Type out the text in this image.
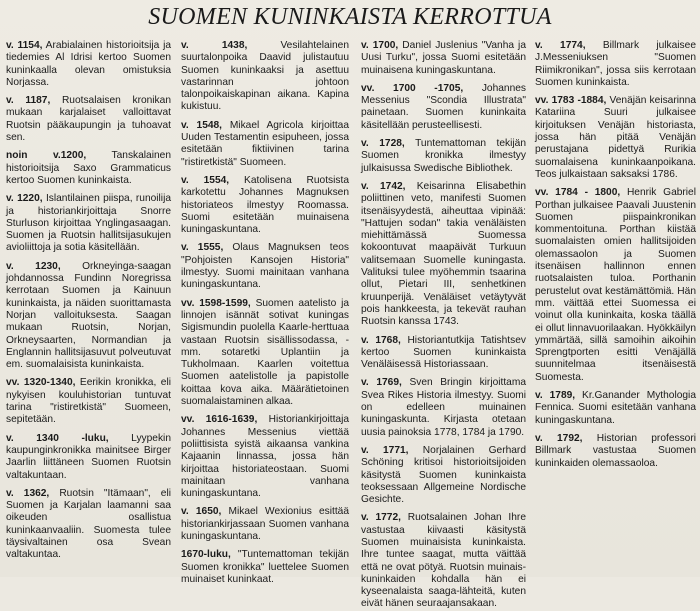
SUOMEN KUNINKAISTA KERROTTUA

v. 1154, Arabialainen historioitsija ja tiedemies Al Idrisi kertoo Suomen kuninkaalla olevan omistuksia Norjassa.

v. 1187, Ruotsalaisen kronikan mukaan karjalaiset valloittavat Ruotsin pääkaupungin ja tuhoavat sen.

noin v.1200, Tanskalainen historioitsija Saxo Grammaticus kertoo Suomen kuninkaista.

v. 1220, Islantilainen piispa, runoilija ja historiankirjoittaja Snorre Sturluson kirjoittaa Ynglingasaagan. Suomen ja Ruotsin hallitsijasukujen avioliittoja ja sotia käsitellään.

v. 1230, Orkneyinga-saagan johdannossa Fundinn Noregrissa kerrotaan Suomen ja Kainuun kuninkaista, ja näiden suorittamasta Norjan valloituksesta. Saagan mukaan Ruotsin, Norjan, Orkneysaarten, Normandian ja Englannin hallitsijasuvut polveutuvat em. suomalaisista kuninkaista.

vv. 1320-1340, Eerikin kronikka, eli nykyisen kouluhistorian tuntuvat tarina "ristiretkistä" Suomeen, sepitetään.

v. 1340 -luku, Lyypekin kaupunginkronikka mainitsee Birger Jaarlin liittäneen Suomen Ruotsin valtakuntaan.

v. 1362, Ruotsin "Itämaan", eli Suomen ja Karjalan laamanni saa oikeuden osallistua kuninkaanvaaliin. Suomesta tulee täysivaltainen osa Svean valtakuntaa.

v. 1438, Vesilahtelainen suurtalonpoika Daavid julistautuu Suomen kuninkaaksi ja asettuu vastarinnan johtoon talonpoikaiskapinan aikana. Kapina kukistuu.

v. 1548, Mikael Agricola kirjoittaa Uuden Testamentin esipuheen, jossa esitetään fiktiivinen tarina "ristiretkistä" Suomeen.

v. 1554, Katolisena Ruotsista karkotettu Johannes Magnuksen historiateos ilmestyy Roomassa. Suomi esitetään muinaisena kuningaskuntana.

v. 1555, Olaus Magnuksen teos "Pohjoisten Kansojen Historia" ilmestyy. Suomi mainitaan vanhana kuningaskuntana.

vv. 1598-1599, Suomen aatelisto ja linnojen isännät sotivat kuningas Sigismundin puolella Kaarle-herttuaa vastaan Ruotsin sisällissodassa, -mm. sotaretki Uplantiin ja Tukholmaan. Kaarlen voitettua Suomen aatelistolle ja papistolle koittaa kova aika. Määrätietoinen suomalaistaminen alkaa.

vv. 1616-1639, Historiankirjoittaja Johannes Messenius viettää poliittisista syistä aikaansa vankina Kajaanin linnassa, jossa hän kirjoittaa historiateostaan. Suomi mainitaan vanhana kuningaskuntana.

v. 1650, Mikael Wexionius esittää historiankirjassaan Suomen vanhana kuningaskuntana.

1670-luku, "Tuntemattoman tekijän Suomen kronikka" luettelee Suomen muinaiset kuninkaat.

v. 1700, Daniel Juslenius "Vanha ja Uusi Turku", jossa Suomi esitetään muinaisena kuningaskuntana.

vv. 1700 -1705, Johannes Messenius "Scondia Illustrata" painetaan. Suomen kuninkaita käsitellään perusteellisesti.

v. 1728, Tuntemattoman tekijän Suomen kronikka ilmestyy julkaisussa Swedische Bibliothek.

v. 1742, Keisarinna Elisabethin poliittinen veto, manifesti Suomen itsenäisyydestä, aiheuttaa vipinää: "Hattujen sodan" takia venäläisten miehittämässä Suomessa kokoontuvat maapäivät Turkuun valitsemaan Suomelle kuningasta. Valituksi tulee myöhemmin tsaarina ollut, Pietari III, senhetkinen kruunperijä. Venäläiset vetäytyvät pois hankkeesta, ja tekevät rauhan Ruotsin kanssa 1743.

v. 1768, Historiantutkija Tatishtsev kertoo Suomen kuninkaista Venäläisessä Historiassaan.

v. 1769, Sven Bringin kirjoittama Svea Rikes Historia ilmestyy. Suomi on edelleen muinainen kuningaskunta. Kirjasta otetaan uusia painoksia 1778, 1784 ja 1790.

v. 1771, Norjalainen Gerhard Schöning kritisoi historioitsijoiden käsitystä Suomen kuninkaista teoksessaan Allgemeine Nordische Gesichte.

v. 1772, Ruotsalainen Johan Ihre vastustaa kiivaasti käsitystä Suomen muinaisista kuninkaista. Ihre tuntee saagat, mutta väittää että ne ovat pötyä. Ruotsin muinais-kuninkaiden kohdalla hän ei kyseenalaista saaga-lähteitä, kuten eivät hänen seuraajansakaan.

v. 1774, Billmark julkaisee J.Messeniuksen "Suomen Riimikronikan", jossa siis kerrotaan Suomen kuninkaista.

vv. 1783 -1884, Venäjän keisarinna Katariina Suuri julkaisee kirjoituksen Venäjän historiasta, jossa hän pitää Venäjän perustajana pidettyä Rurikia suomalaisena kuninkaanpoikana. Teos julkaistaan saksaksi 1786.

vv. 1784 - 1800, Henrik Gabriel Porthan julkaisee Paavali Juustenin Suomen piispainkronikan kommentoituna. Porthan kiistää suomalaisten omien hallitsijoiden olemassaolon ja Suomen itsenäisen hallinnon ennen ruotsalaisten tuloa. Porthanin perustelut ovat kestämättömiä. Hän mm. väittää ettei Suomessa ei voinut olla kuninkaita, koska täällä ei ollut linnavuorilaakan. Hyökkäilyn ymmärtää, sillä samoihin aikoihin Sprengtporten esitti Venäjällä suunnitelmaa itsenäisestä Suomesta.

v. 1789, Kr.Ganander Mythologia Fennica. Suomi esitetään vanhana kuningaskuntana.

v. 1792, Historian professori Billmark vastustaa Suomen kuninkaiden olemassaoloa.
